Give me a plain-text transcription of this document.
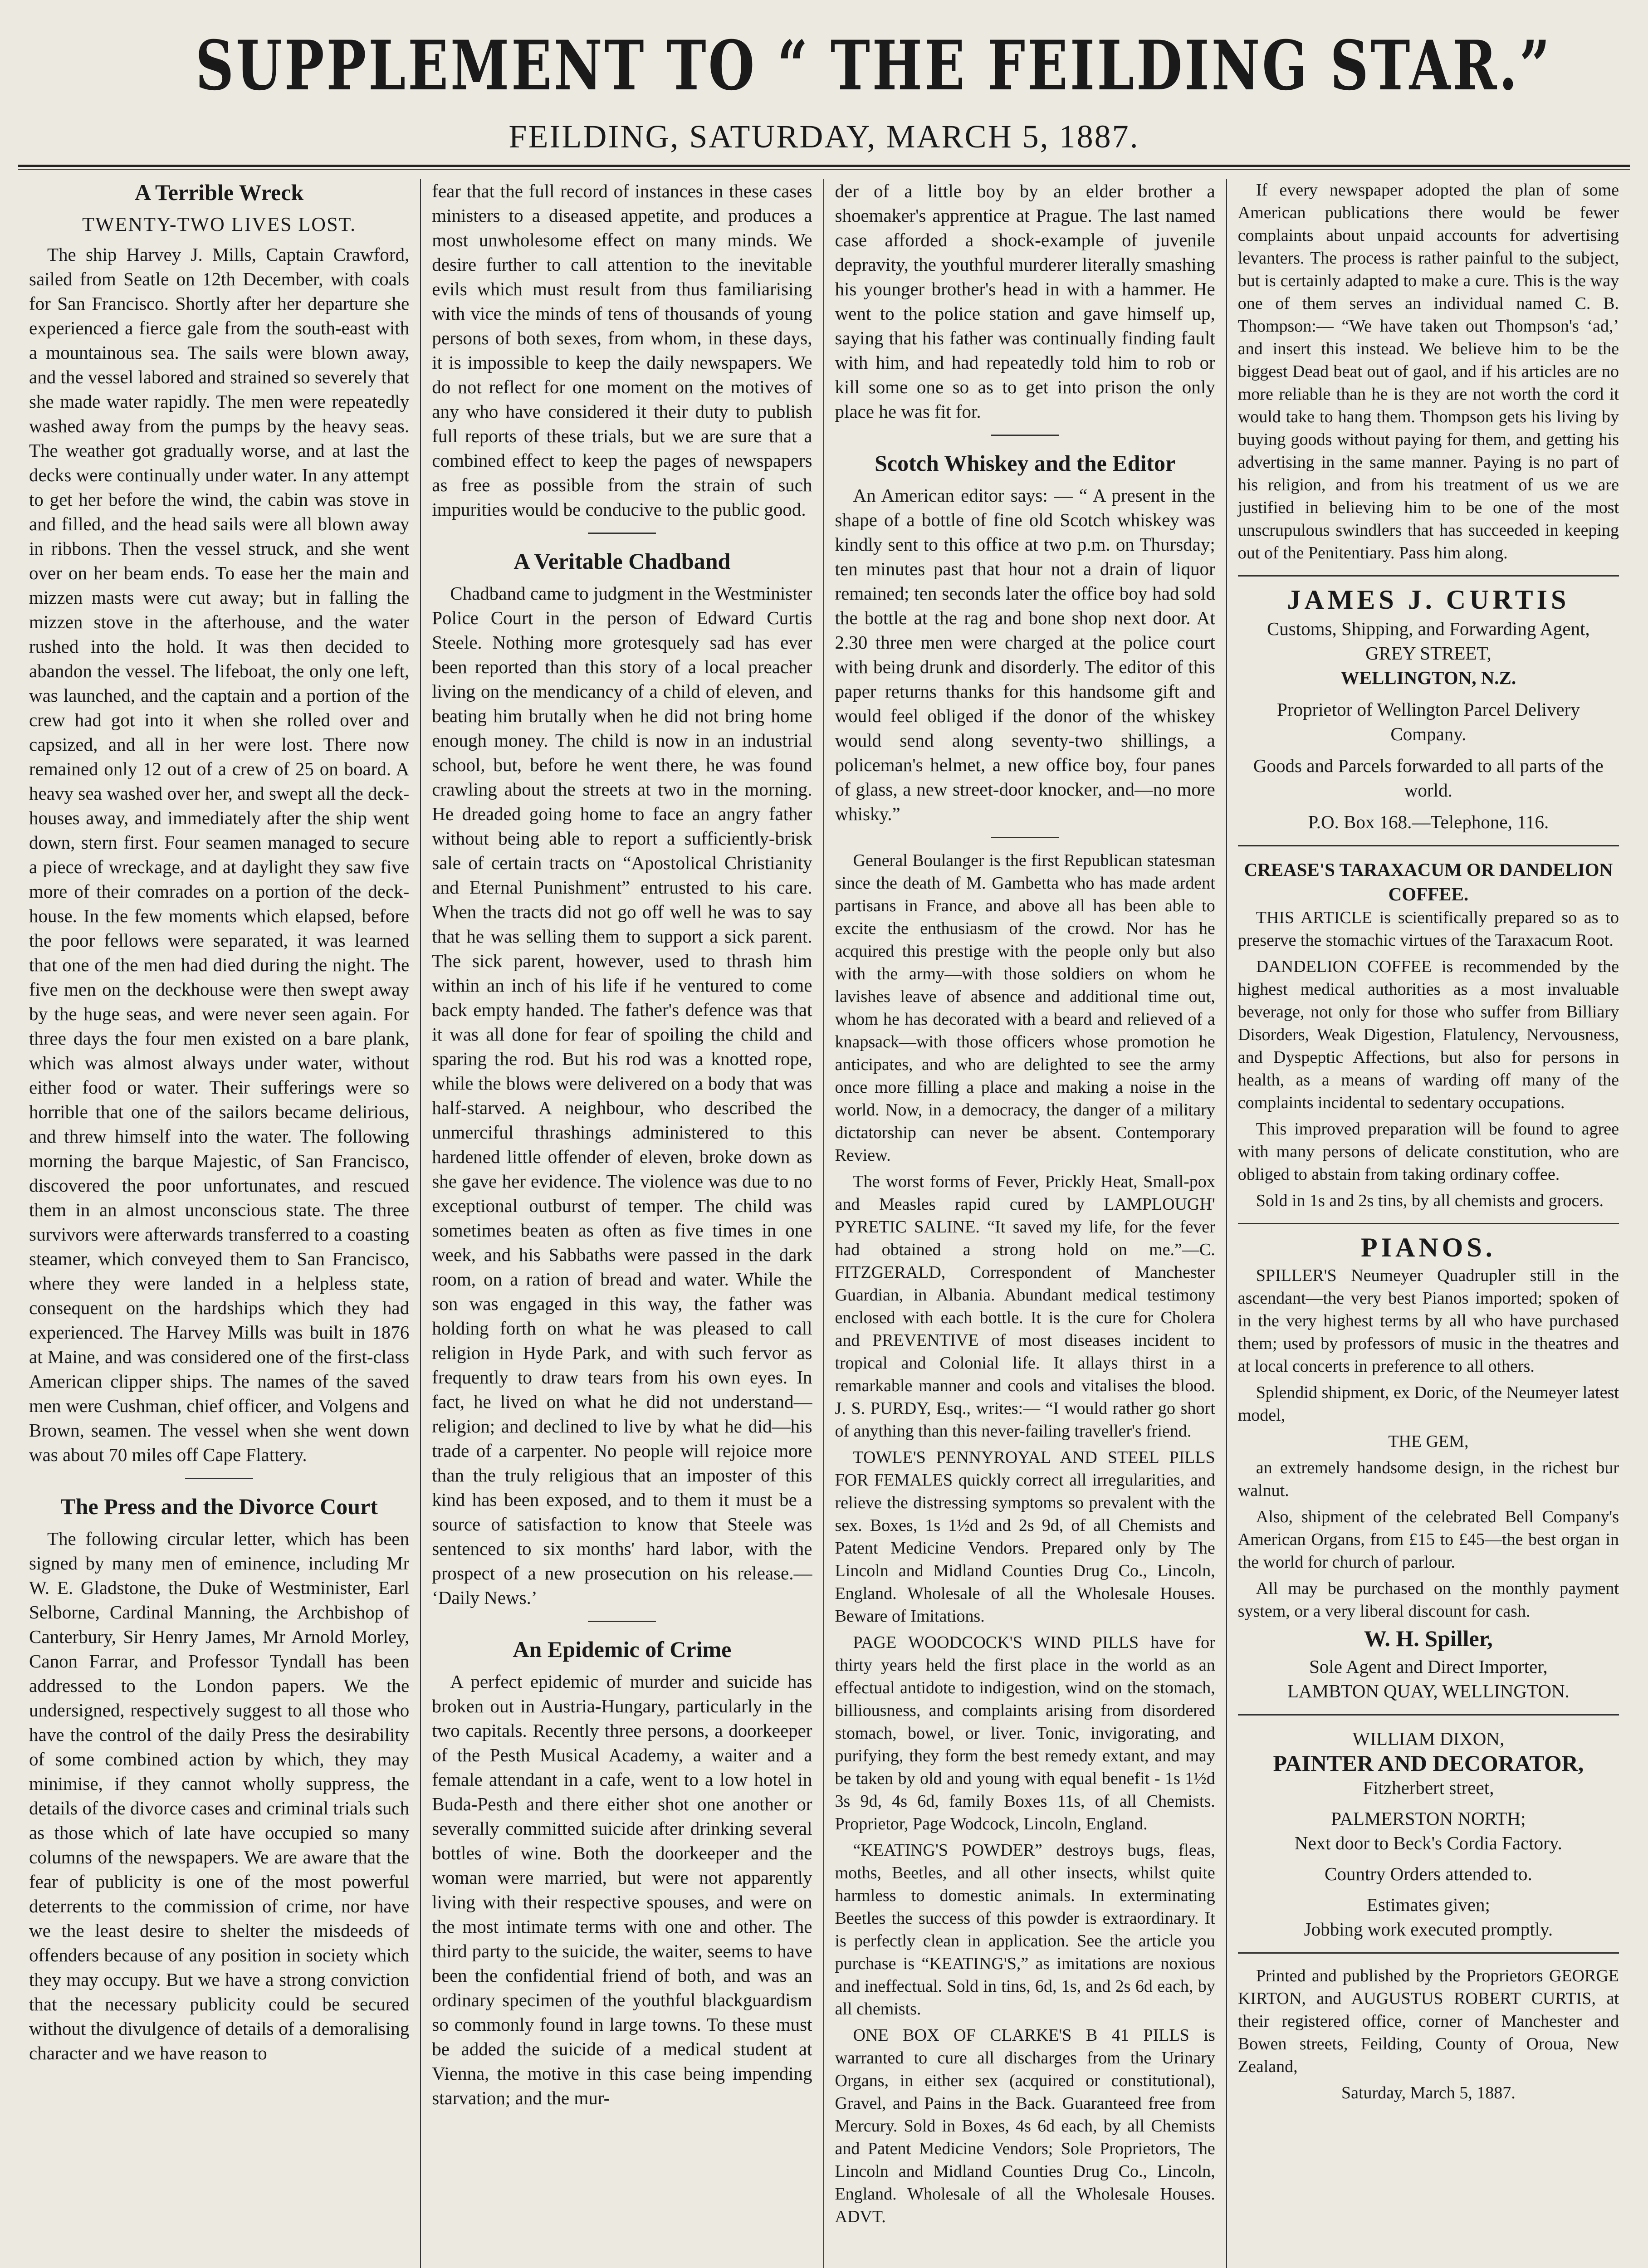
SUPPLEMENT TO “ THE FEILDING STAR.”
FEILDING, SATURDAY, MARCH 5, 1887.
A Terrible Wreck
TWENTY-TWO LIVES LOST.

The ship Harvey J. Mills, Captain Crawford, sailed from Seatle on 12th December, with coals for San Francisco. Shortly after her departure she experienced a fierce gale from the south-east with a mountainous sea. The sails were blown away, and the vessel labored and strained so severely that she made water rapidly. The men were repeatedly washed away from the pumps by the heavy seas. The weather got gradually worse, and at last the decks were continually under water. In any attempt to get her before the wind, the cabin was stove in and filled, and the head sails were all blown away in ribbons. Then the vessel struck, and she went over on her beam ends. To ease her the main and mizzen masts were cut away; but in falling the mizzen stove in the afterhouse, and the water rushed into the hold. It was then decided to abandon the vessel. The lifeboat, the only one left, was launched, and the captain and a portion of the crew had got into it when she rolled over and capsized, and all in her were lost. There now remained only 12 out of a crew of 25 on board. A heavy sea washed over her, and swept all the deck-houses away, and immediately after the ship went down, stern first. Four seamen managed to secure a piece of wreckage, and at daylight they saw five more of their comrades on a portion of the deck-house. In the few moments which elapsed, before the poor fellows were separated, it was learned that one of the men had died during the night. The five men on the deckhouse were then swept away by the huge seas, and were never seen again. For three days the four men existed on a bare plank, which was almost always under water, without either food or water. Their sufferings were so horrible that one of the sailors became delirious, and threw himself into the water. The following morning the barque Majestic, of San Francisco, discovered the poor unfortunates, and rescued them in an almost unconscious state. The three survivors were afterwards transferred to a coasting steamer, which conveyed them to San Francisco, where they were landed in a helpless state, consequent on the hardships which they had experienced. The Harvey Mills was built in 1876 at Maine, and was considered one of the first-class American clipper ships. The names of the saved men were Cushman, chief officer, and Volgens and Brown, seamen. The vessel when she went down was about 70 miles off Cape Flattery.

The Press and the Divorce Court

The following circular letter, which has been signed by many men of eminence, including Mr W. E. Gladstone, the Duke of Westminister, Earl Selborne, Cardinal Manning, the Archbishop of Canterbury, Sir Henry James, Mr Arnold Morley, Canon Farrar, and Professor Tyndall has been addressed to the London papers. We the undersigned, respectively suggest to all those who have the control of the daily Press the desirability of some combined action by which, they may minimise, if they cannot wholly suppress, the details of the divorce cases and criminal trials such as those which of late have occupied so many columns of the newspapers. We are aware that the fear of publicity is one of the most powerful deterrents to the commission of crime, nor have we the least desire to shelter the misdeeds of offenders because of any position in society which they may occupy. But we have a strong conviction that the necessary publicity could be secured without the divulgence of details of a demoralising character and we have reason to

fear that the full record of instances in these cases ministers to a diseased appetite, and produces a most unwholesome effect on many minds. We desire further to call attention to the inevitable evils which must result from thus familiarising with vice the minds of tens of thousands of young persons of both sexes, from whom, in these days, it is impossible to keep the daily newspapers. We do not reflect for one moment on the motives of any who have considered it their duty to publish full reports of these trials, but we are sure that a combined effect to keep the pages of newspapers as free as possible from the strain of such impurities would be conducive to the public good.

A Veritable Chadband

Chadband came to judgment in the Westminister Police Court in the person of Edward Curtis Steele. Nothing more grotesquely sad has ever been reported than this story of a local preacher living on the mendicancy of a child of eleven, and beating him brutally when he did not bring home enough money. The child is now in an industrial school, but, before he went there, he was found crawling about the streets at two in the morning. He dreaded going home to face an angry father without being able to report a sufficiently-brisk sale of certain tracts on “Apostolical Christianity and Eternal Punishment” entrusted to his care. When the tracts did not go off well he was to say that he was selling them to support a sick parent. The sick parent, however, used to thrash him within an inch of his life if he ventured to come back empty handed. The father's defence was that it was all done for fear of spoiling the child and sparing the rod. But his rod was a knotted rope, while the blows were delivered on a body that was half-starved. A neighbour, who described the unmerciful thrashings administered to this hardened little offender of eleven, broke down as she gave her evidence. The violence was due to no exceptional outburst of temper. The child was sometimes beaten as often as five times in one week, and his Sabbaths were passed in the dark room, on a ration of bread and water. While the son was engaged in this way, the father was holding forth on what he was pleased to call religion in Hyde Park, and with such fervor as frequently to draw tears from his own eyes. In fact, he lived on what he did not understand—religion; and declined to live by what he did—his trade of a carpenter. No people will rejoice more than the truly religious that an imposter of this kind has been exposed, and to them it must be a source of satisfaction to know that Steele was sentenced to six months' hard labor, with the prospect of a new prosecution on his release.— ‘Daily News.’

An Epidemic of Crime

A perfect epidemic of murder and suicide has broken out in Austria-Hungary, particularly in the two capitals. Recently three persons, a doorkeeper of the Pesth Musical Academy, a waiter and a female attendant in a cafe, went to a low hotel in Buda-Pesth and there either shot one another or severally committed suicide after drinking several bottles of wine. Both the doorkeeper and the woman were married, but were not apparently living with their respective spouses, and were on the most intimate terms with one and other. The third party to the suicide, the waiter, seems to have been the confidential friend of both, and was an ordinary specimen of the youthful blackguardism so commonly found in large towns. To these must be added the suicide of a medical student at Vienna, the motive in this case being impending starvation; and the mur-

der of a little boy by an elder brother a shoemaker's apprentice at Prague. The last named case afforded a shock-example of juvenile depravity, the youthful murderer literally smashing his younger brother's head in with a hammer. He went to the police station and gave himself up, saying that his father was continually finding fault with him, and had repeatedly told him to rob or kill some one so as to get into prison the only place he was fit for.

Scotch Whiskey and the Editor

An American editor says: — “ A present in the shape of a bottle of fine old Scotch whiskey was kindly sent to this office at two p.m. on Thursday; ten minutes past that hour not a drain of liquor remained; ten seconds later the office boy had sold the bottle at the rag and bone shop next door. At 2.30 three men were charged at the police court with being drunk and disorderly. The editor of this paper returns thanks for this handsome gift and would feel obliged if the donor of the whiskey would send along seventy-two shillings, a policeman's helmet, a new office boy, four panes of glass, a new street-door knocker, and—no more whisky.”

General Boulanger is the first Republican statesman since the death of M. Gambetta who has made ardent partisans in France, and above all has been able to excite the enthusiasm of the crowd. Nor has he acquired this prestige with the people only but also with the army—with those soldiers on whom he lavishes leave of absence and additional time out, whom he has decorated with a beard and relieved of a knapsack—with those officers whose promotion he anticipates, and who are delighted to see the army once more filling a place and making a noise in the world. Now, in a democracy, the danger of a military dictatorship can never be absent. Contemporary Review.

The worst forms of Fever, Prickly Heat, Small-pox and Measles rapid cured by LAMPLOUGH' PYRETIC SALINE. “It saved my life, for the fever had obtained a strong hold on me.”—C. FITZGERALD, Correspondent of Manchester Guardian, in Albania. Abundant medical testimony enclosed with each bottle. It is the cure for Cholera and PREVENTIVE of most diseases incident to tropical and Colonial life. It allays thirst in a remarkable manner and cools and vitalises the blood. J. S. PURDY, Esq., writes:— “I would rather go short of anything than this never-failing traveller's friend.

TOWLE'S PENNYROYAL AND STEEL PILLS FOR FEMALES quickly correct all irregularities, and relieve the distressing symptoms so prevalent with the sex. Boxes, 1s 1½d and 2s 9d, of all Chemists and Patent Medicine Vendors. Prepared only by The Lincoln and Midland Counties Drug Co., Lincoln, England. Wholesale of all the Wholesale Houses. Beware of Imitations.

PAGE WOODCOCK'S WIND PILLS have for thirty years held the first place in the world as an effectual antidote to indigestion, wind on the stomach, billiousness, and complaints arising from disordered stomach, bowel, or liver. Tonic, invigorating, and purifying, they form the best remedy extant, and may be taken by old and young with equal benefit - 1s 1½d 3s 9d, 4s 6d, family Boxes 11s, of all Chemists. Proprietor, Page Wodcock, Lincoln, England.

“KEATING'S POWDER” destroys bugs, fleas, moths, Beetles, and all other insects, whilst quite harmless to domestic animals. In exterminating Beetles the success of this powder is extraordinary. It is perfectly clean in application. See the article you purchase is “KEATING'S,” as imitations are noxious and ineffectual. Sold in tins, 6d, 1s, and 2s 6d each, by all chemists.

ONE BOX OF CLARKE'S B 41 PILLS is warranted to cure all discharges from the Urinary Organs, in either sex (acquired or constitutional), Gravel, and Pains in the Back. Guaranteed free from Mercury. Sold in Boxes, 4s 6d each, by all Chemists and Patent Medicine Vendors; Sole Proprietors, The Lincoln and Midland Counties Drug Co., Lincoln, England. Wholesale of all the Wholesale Houses. ADVT.

If every newspaper adopted the plan of some American publications there would be fewer complaints about unpaid accounts for advertising levanters. The process is rather painful to the subject, but is certainly adapted to make a cure. This is the way one of them serves an individual named C. B. Thompson:— “We have taken out Thompson's ‘ad,’ and insert this instead. We believe him to be the biggest Dead beat out of gaol, and if his articles are no more reliable than he is they are not worth the cord it would take to hang them. Thompson gets his living by buying goods without paying for them, and getting his advertising in the same manner. Paying is no part of his religion, and from his treatment of us we are justified in believing him to be one of the most unscrupulous swindlers that has succeeded in keeping out of the Penitentiary. Pass him along.

JAMES J. CURTIS
Customs, Shipping, and Forwarding Agent,
GREY STREET,
WELLINGTON, N.Z.
Proprietor of Wellington Parcel Delivery Company.
Goods and Parcels forwarded to all parts of the world.
P.O. Box 168.—Telephone, 116.
CREASE'S TARAXACUM OR DANDELION COFFEE.

THIS ARTICLE is scientifically prepared so as to preserve the stomachic virtues of the Taraxacum Root.

DANDELION COFFEE is recommended by the highest medical authorities as a most invaluable beverage, not only for those who suffer from Billiary Disorders, Weak Digestion, Flatulency, Nervousness, and Dyspeptic Affections, but also for persons in health, as a means of warding off many of the complaints incidental to sedentary occupations.

This improved preparation will be found to agree with many persons of delicate constitution, who are obliged to abstain from taking ordinary coffee.

Sold in 1s and 2s tins, by all chemists and grocers.

PIANOS.

SPILLER'S Neumeyer Quadrupler still in the ascendant—the very best Pianos imported; spoken of in the very highest terms by all who have purchased them; used by professors of music in the theatres and at local concerts in preference to all others.

Splendid shipment, ex Doric, of the Neumeyer latest model,

THE GEM,

an extremely handsome design, in the richest bur walnut.

Also, shipment of the celebrated Bell Company's American Organs, from £15 to £45—the best organ in the world for church of parlour.

All may be purchased on the monthly payment system, or a very liberal discount for cash.

W. H. Spiller,
Sole Agent and Direct Importer,
LAMBTON QUAY, WELLINGTON.
WILLIAM DIXON,
PAINTER AND DECORATOR,
Fitzherbert street,
PALMERSTON NORTH;
Next door to Beck's Cordia Factory.
Country Orders attended to.
Estimates given;
Jobbing work executed promptly.

Printed and published by the Proprietors GEORGE KIRTON, and AUGUSTUS ROBERT CURTIS, at their registered office, corner of Manchester and Bowen streets, Feilding, County of Oroua, New Zealand,

Saturday, March 5, 1887.
